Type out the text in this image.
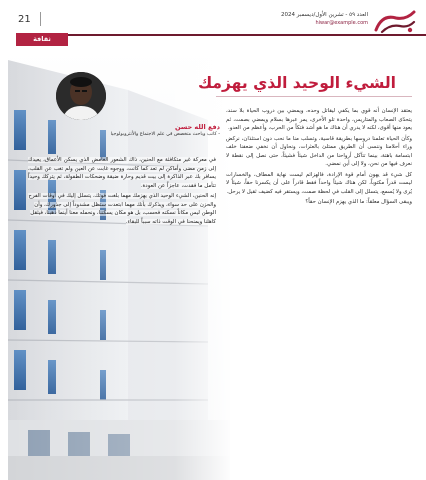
21	العدد ٥٩ - تشرين الأول/ديسمبر 2024
hiwar@example.com
ثقافة
الشيء الوحيد الذي يهزمك

يعتقد الإنسان أنه قوي بما يكفي ليقاتل وحده، ويمضي بين دروب الحياة بلا سند، يتحدّى الصعاب والمتاريس، واحدة تلو الأخرى، يمر عبرها بسلام ويمضي بصمت، ثم يعود منها أقوى، لكنه لا يدري أن هناك ما هو أشد فتكاً من الحرب، وأعظم من العدو.

وكأن الحياة تعلمنا دروسها بطريقة قاسية، وتسلب منا ما نحب دون استئذان، نركض وراء أحلامنا وننسى أن الطريق ممتلئ بالعثرات، ونحاول أن نخفي ضعفنا خلف ابتسامة باهتة، بينما تتآكل أرواحنا من الداخل شيئاً فشيئاً، حتى نصل إلى نقطة لا نعرف فيها من نحن، ولا إلى أين نمضي.

كل شيء قد يهون أمام قوة الإرادة، فالهزائم ليست نهاية المطاف، والخسارات ليست قدراً مكتوباً، لكن هناك شيئاً واحداً فقط قادراً على أن يكسرنا حقاً، شيئاً لا يُرى ولا يُسمع، يتسلل إلى القلب في لحظة صمت، ويستقر فيه كضيف ثقيل لا يرحل.

ويبقى السؤال معلقاً: ما الذي يهزم الإنسان حقاً؟

دفع الله حسن
- كاتب وباحث متخصص في علم الاجتماع والأنثروبولوجيا

في معركة غير متكافئة مع الحنين، ذاك الشعور الغامض الذي يسكن الأعماق، يعيدك إلى زمن مضى وأماكن لم تعد كما كانت، ووجوه غابت عن العين ولم تغب عن القلب، يسافر بك عبر الذاكرة إلى بيت قديم وحارة ضيقة وضحكات الطفولة، ثم يتركك وحيداً تتأمل ما فقدت، عاجزاً عن العودة.

إنه الحنين، الشيء الوحيد الذي يهزمك مهما بلغت قوتك، يتسلل إليك في أوقات الفرح والحزن على حد سواء، ويذكرك بأنك مهما ابتعدت ستظل مشدوداً إلى جذورك، وأن الوطن ليس مكاناً نسكنه فحسب، بل هو مكان يسكننا، ونحمله معنا أينما ذهبنا، فيثقل كاهلنا ويمنحنا في الوقت ذاته سبباً للبقاء.
